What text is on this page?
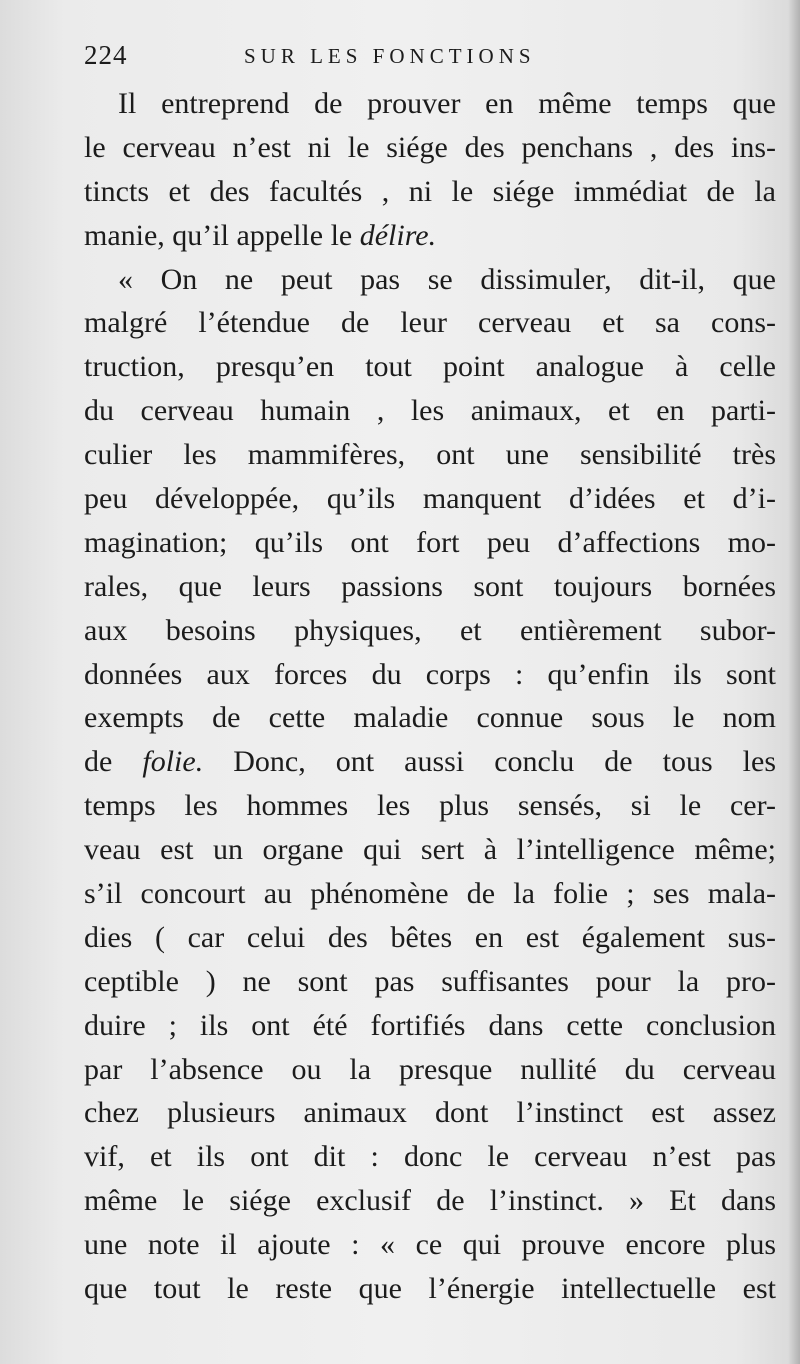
224	SUR LES FONCTIONS
Il entreprend de prouver en même temps que
le cerveau n’est ni le siége des penchans , des ins-
tincts et des facultés , ni le siége immédiat de la
manie, qu’il appelle le délire.
« On ne peut pas se dissimuler, dit-il, que
malgré l’étendue de leur cerveau et sa cons-
truction, presqu’en tout point analogue à celle
du cerveau humain , les animaux, et en parti-
culier les mammifères, ont une sensibilité très
peu développée, qu’ils manquent d’idées et d’i-
magination; qu’ils ont fort peu d’affections mo-
rales, que leurs passions sont toujours bornées
aux besoins physiques, et entièrement subor-
données aux forces du corps : qu’enfin ils sont
exempts de cette maladie connue sous le nom
de folie. Donc, ont aussi conclu de tous les
temps les hommes les plus sensés, si le cer-
veau est un organe qui sert à l’intelligence même;
s’il concourt au phénomène de la folie ; ses mala-
dies ( car celui des bêtes en est également sus-
ceptible ) ne sont pas suffisantes pour la pro-
duire ; ils ont été fortifiés dans cette conclusion
par l’absence ou la presque nullité du cerveau
chez plusieurs animaux dont l’instinct est assez
vif, et ils ont dit : donc le cerveau n’est pas
même le siége exclusif de l’instinct. » Et dans
une note il ajoute : « ce qui prouve encore plus
que tout le reste que l’énergie intellectuelle est
